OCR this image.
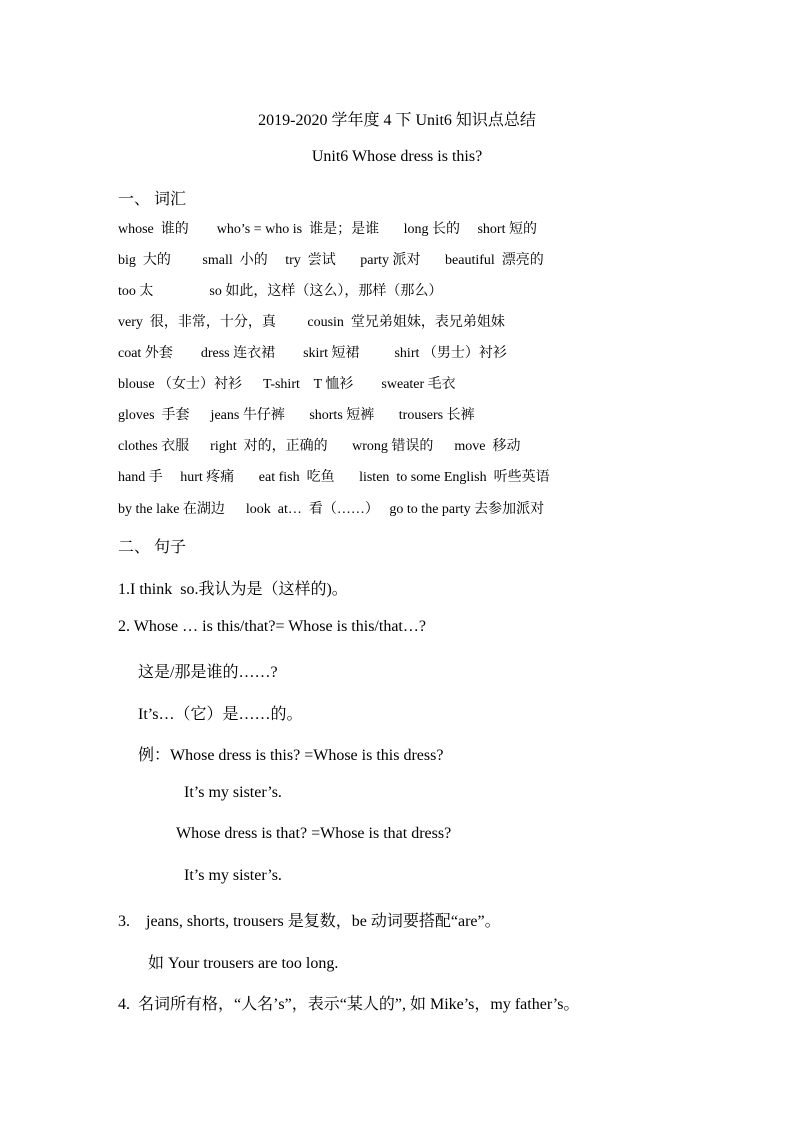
2019-2020 学年度 4 下 Unit6 知识点总结
Unit6 Whose dress is this?
一、 词汇
whose  谁的        who’s = who is  谁是；是谁       long 长的     short 短的
big  大的         small  小的     try  尝试       party 派对       beautiful  漂亮的
too 太                so 如此，这样（这么），那样（那么）
very  很，非常，十分，真         cousin  堂兄弟姐妹，表兄弟姐妹
coat 外套        dress 连衣裙        skirt 短裙          shirt （男士）衬衫
blouse （女士）衬衫      T-shirt    T 恤衫        sweater 毛衣
gloves  手套      jeans 牛仔裤       shorts 短裤       trousers 长裤
clothes 衣服      right  对的，正确的       wrong 错误的      move  移动
hand 手     hurt 疼痛       eat fish  吃鱼       listen  to some English  听些英语
by the lake 在湖边      look  at…  看（……）   go to the party 去参加派对
二、 句子
1.I think  so.我认为是（这样的)。
2. Whose … is this/that?= Whose is this/that…?
这是/那是谁的……?
It’s…（它）是……的。
例：Whose dress is this? =Whose is this dress?
It’s my sister’s.
Whose dress is that? =Whose is that dress?
It’s my sister’s.
3.    jeans, shorts, trousers 是复数，be 动词要搭配“are”。
如 Your trousers are too long.
4.  名词所有格，“人名’s”，表示“某人的”, 如 Mike’s，my father’s。
